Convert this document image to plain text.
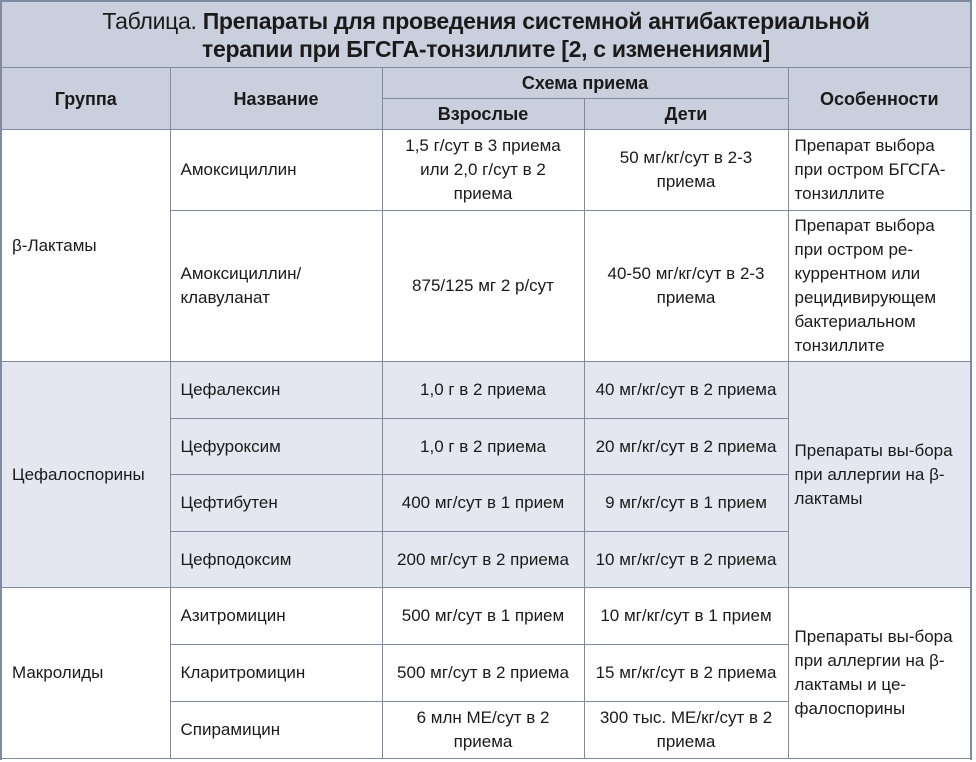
Таблица. Препараты для проведения системной антибактериальной
терапии при БГСГА-тонзиллите [2, с изменениями]
Группа	Название	Схема приема		Особенности
		Взрослые	Дети	
β-Лактамы	Амоксициллин	1,5 г/сут в 3 приема или 2,0 г/сут в 2 приема	50 мг/кг/сут в 2-3 приема	Препарат выбора при остром БГСГА-тонзиллите
	Амоксициллин/ клавуланат	875/125 мг 2 р/сут	40-50 мг/кг/сут в 2-3 приема	Препарат выбора при остром ре-куррентном или рецидивирующем бактериальном тонзиллите
Цефалоспорины	Цефалексин	1,0 г в 2 приема	40 мг/кг/сут в 2 приема	Препараты вы-бора при аллергии на β-лактамы
	Цефуроксим	1,0 г в 2 приема	20 мг/кг/сут в 2 приема	
	Цефтибутен	400 мг/сут в 1 прием	9 мг/кг/сут в 1 прием	
	Цефподоксим	200 мг/сут в 2 приема	10 мг/кг/сут в 2 приема	
Макролиды	Азитромицин	500 мг/сут в 1 прием	10 мг/кг/сут в 1 прием	Препараты вы-бора при аллергии на β-лактамы и це-фалоспорины
	Кларитромицин	500 мг/сут в 2 приема	15 мг/кг/сут в 2 приема	
	Спирамицин	6 млн МЕ/сут в 2 приема	300 тыс. МЕ/кг/сут в 2 приема	
